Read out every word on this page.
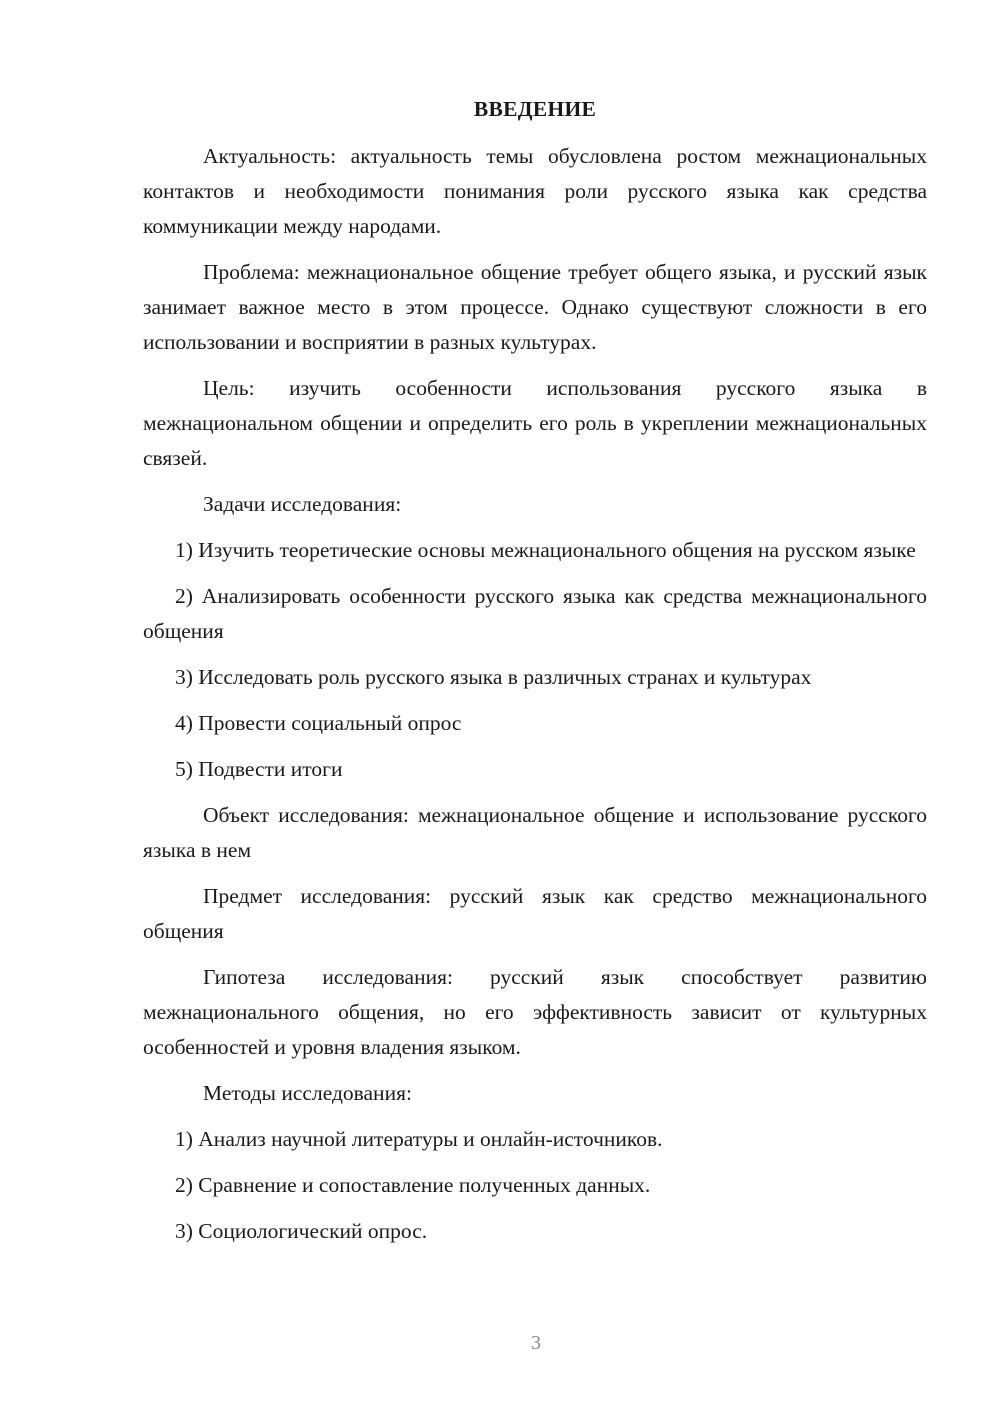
ВВЕДЕНИЕ

Актуальность: актуальность темы обусловлена ростом межнациональных контактов и необходимости понимания роли русского языка как средства коммуникации между народами.

Проблема: межнациональное общение требует общего языка, и русский язык занимает важное место в этом процессе. Однако существуют сложности в его использовании и восприятии в разных культурах.

Цель: изучить особенности использования русского языка в межнациональном общении и определить его роль в укреплении межнациональных связей.

Задачи исследования:

1) Изучить теоретические основы межнационального общения на русском языке

2) Анализировать особенности русского языка как средства межнационального общения

3) Исследовать роль русского языка в различных странах и культурах

4) Провести социальный опрос

5) Подвести итоги

Объект исследования: межнациональное общение и использование русского языка в нем

Предмет исследования: русский язык как средство межнационального общения

Гипотеза исследования: русский язык способствует развитию межнационального общения, но его эффективность зависит от культурных особенностей и уровня владения языком.

Методы исследования:

1) Анализ научной литературы и онлайн-источников.

2) Сравнение и сопоставление полученных данных.

3) Социологический опрос.

3
